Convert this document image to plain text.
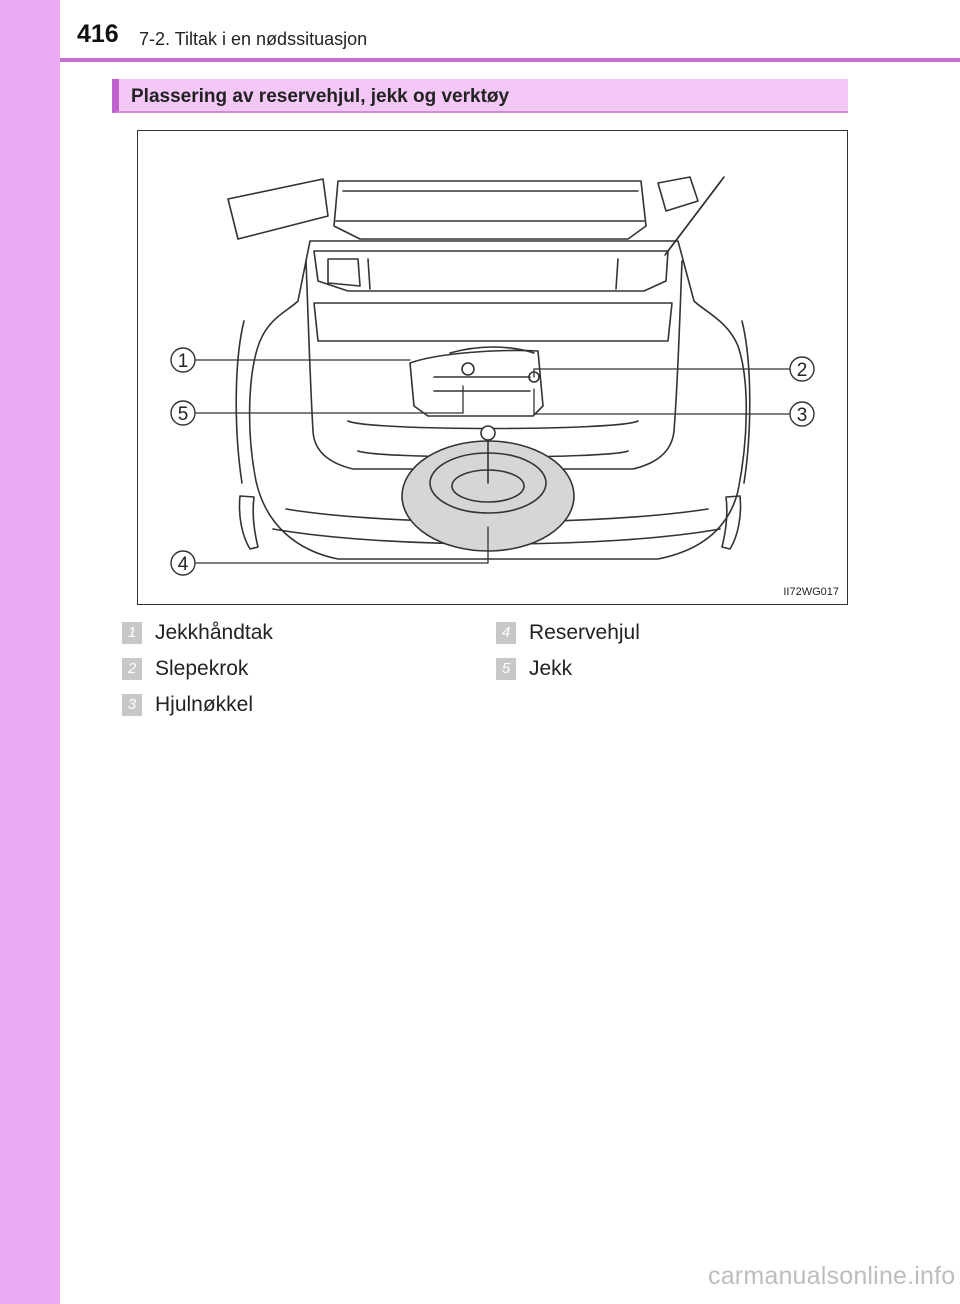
416 7-2. Tiltak i en nødssituasjon
Plassering av reservehjul, jekk og verktøy
1	2
3
5
4
II72WG017
1 Jekkhåndtak
2 Slepekrok
3 Hjulnøkkel
4 Reservehjul
5 Jekk
carmanualsonline.info
